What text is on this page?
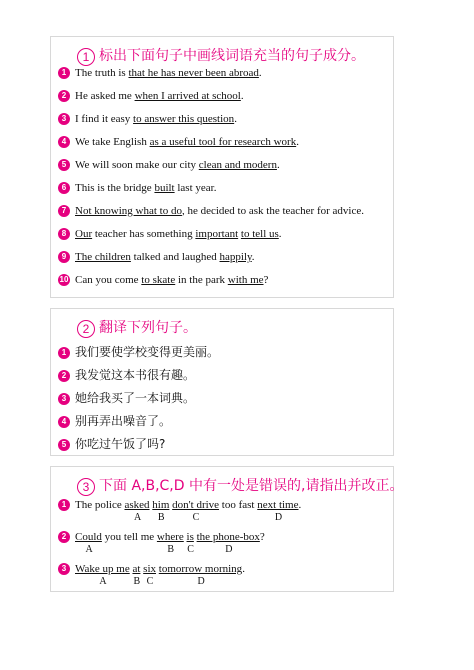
1 标出下面句子中画线词语充当的句子成分。
1 The truth is that he has never been abroad.
2 He asked me when I arrived at school.
3 I find it easy to answer this question.
4 We take English as a useful tool for research work.
5 We will soon make our city clean and modern.
6 This is the bridge built last year.
7 Not knowing what to do, he decided to ask the teacher for advice.
8 Our teacher has something important to tell us.
9 The children talked and laughed happily.
10 Can you come to skate in the park with me?
2 翻译下列句子。
1 我们要使学校变得更美丽。
2 我发觉这本书很有趣。
3 她给我买了一本词典。
4 别再弄出噪音了。
5 你吃过午饭了吗?
3 下面 A,B,C,D 中有一处是错误的,请指出并改正。
1 The police asked him don't drive too fast next time.
A B	C	D
2 Could you tell me where is the phone-box?
A	B C	D
3 Wake up me at six tomorrow morning.
A	B C	D
